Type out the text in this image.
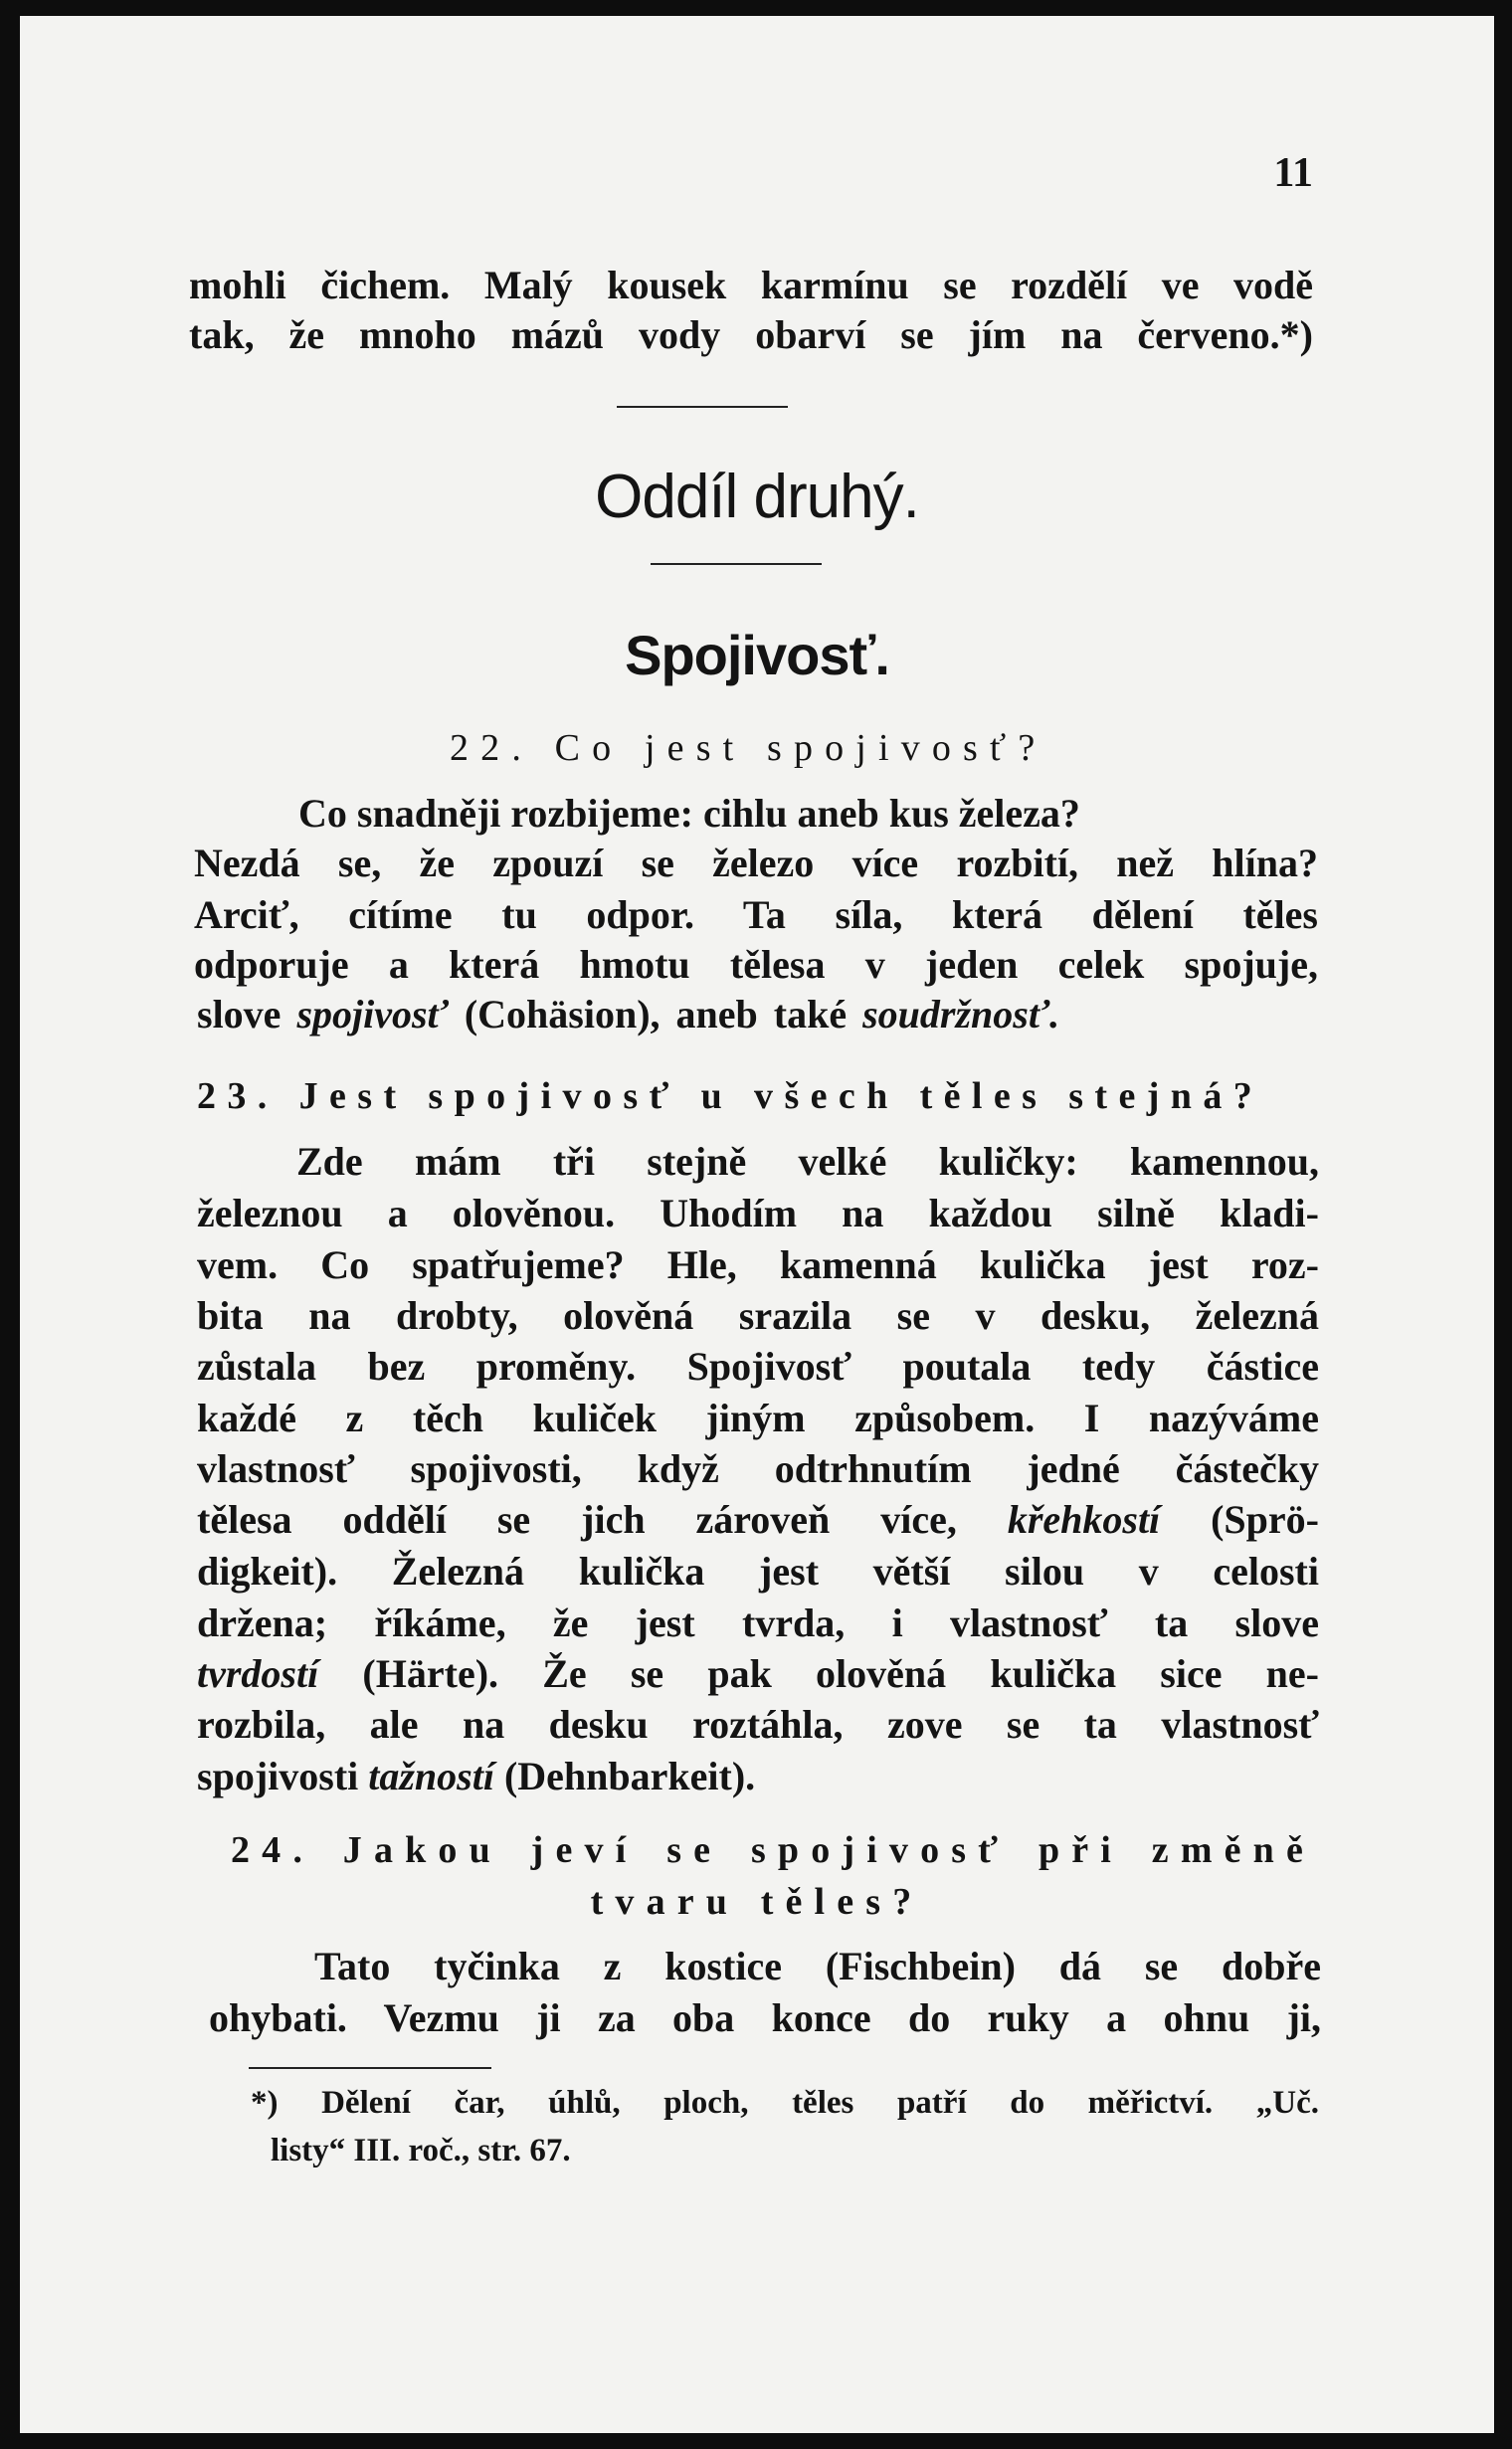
11
mohli čichem. Malý kousek karmínu se rozdělí ve vodě
tak, že mnoho mázů vody obarví se jím na červeno.*)
Oddíl druhý.
Spojivosť.
22. Co jest spojivosť?
Co snadněji rozbijeme: cihlu aneb kus železa?
Nezdá se, že zpouzí se železo více rozbití, než hlína?
Arciť, cítíme tu odpor. Ta síla, která dělení těles
odporuje a která hmotu tělesa v jeden celek spojuje,
slove spojivosť (Cohäsion), aneb také soudržnosť.
23. Jest spojivosť u všech těles stejná?
Zde mám tři stejně velké kuličky: kamennou,
železnou a olověnou. Uhodím na každou silně kladi-
vem. Co spatřujeme? Hle, kamenná kulička jest roz-
bita na drobty, olověná srazila se v desku, železná
zůstala bez proměny. Spojivosť poutala tedy částice
každé z těch kuliček jiným způsobem. I nazýváme
vlastnosť spojivosti, když odtrhnutím jedné částečky
tělesa oddělí se jich zároveň více, křehkostí (Sprö-
digkeit). Železná kulička jest větší silou v celosti
držena; říkáme, že jest tvrda, i vlastnosť ta slove
tvrdostí (Härte). Že se pak olověná kulička sice ne-
rozbila, ale na desku roztáhla, zove se ta vlastnosť
spojivosti tažností (Dehnbarkeit).
24. Jakou jeví se spojivosť při změně
tvaru těles?
Tato tyčinka z kostice (Fischbein) dá se dobře
ohybati. Vezmu ji za oba konce do ruky a ohnu ji,
*) Dělení čar, úhlů, ploch, těles patří do měřictví. „Uč.
listy“ III. roč., str. 67.
